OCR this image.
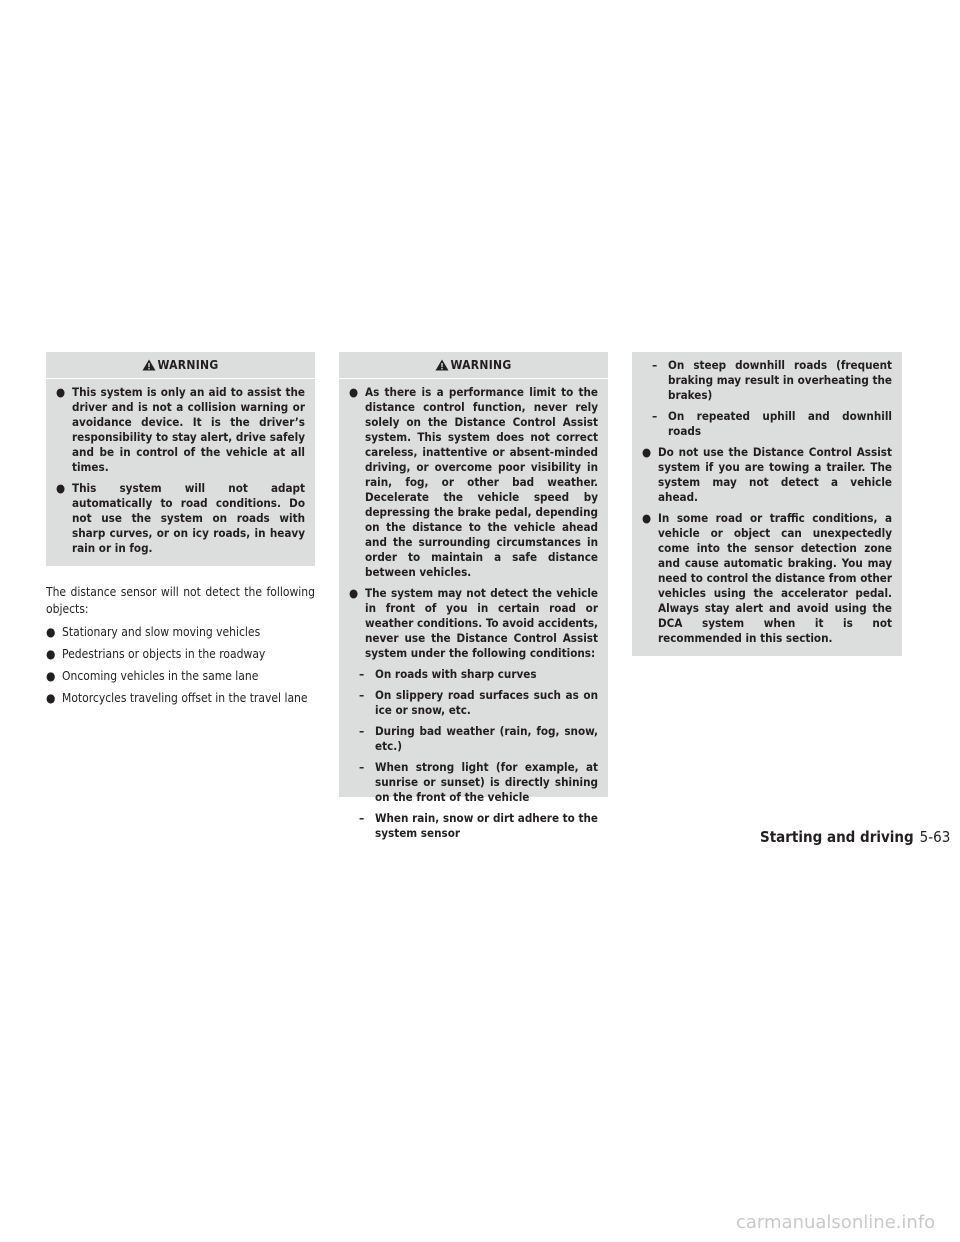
WARNING
● This system is only an aid to assist the driver and is not a collision warning or avoidance device. It is the driver’s responsibility to stay alert, drive safely and be in control of the vehicle at all times.
● This system will not adapt automatically to road conditions. Do not use the system on roads with sharp curves, or on icy roads, in heavy rain or in fog.

The distance sensor will not detect the following objects:

● Stationary and slow moving vehicles
● Pedestrians or objects in the roadway
● Oncoming vehicles in the same lane
● Motorcycles traveling offset in the travel lane
WARNING
● As there is a performance limit to the distance control function, never rely solely on the Distance Control Assist system. This system does not correct careless, inattentive or absent-minded driving, or overcome poor visibility in rain, fog, or other bad weather. Decelerate the vehicle speed by depressing the brake pedal, depending on the distance to the vehicle ahead and the surrounding circumstances in order to maintain a safe distance between vehicles.
● The system may not detect the vehicle in front of you in certain road or weather conditions. To avoid accidents, never use the Distance Control Assist system under the following conditions:
– On roads with sharp curves
– On slippery road surfaces such as on ice or snow, etc.
– During bad weather (rain, fog, snow, etc.)
– When strong light (for example, at sunrise or sunset) is directly shining on the front of the vehicle
– When rain, snow or dirt adhere to the system sensor
– On steep downhill roads (frequent braking may result in overheating the brakes)
– On repeated uphill and downhill roads
● Do not use the Distance Control Assist system if you are towing a trailer. The system may not detect a vehicle ahead.
● In some road or traffic conditions, a vehicle or object can unexpectedly come into the sensor detection zone and cause automatic braking. You may need to control the distance from other vehicles using the accelerator pedal. Always stay alert and avoid using the DCA system when it is not recommended in this section.
Starting and driving 5-63
carmanualsonline.info
